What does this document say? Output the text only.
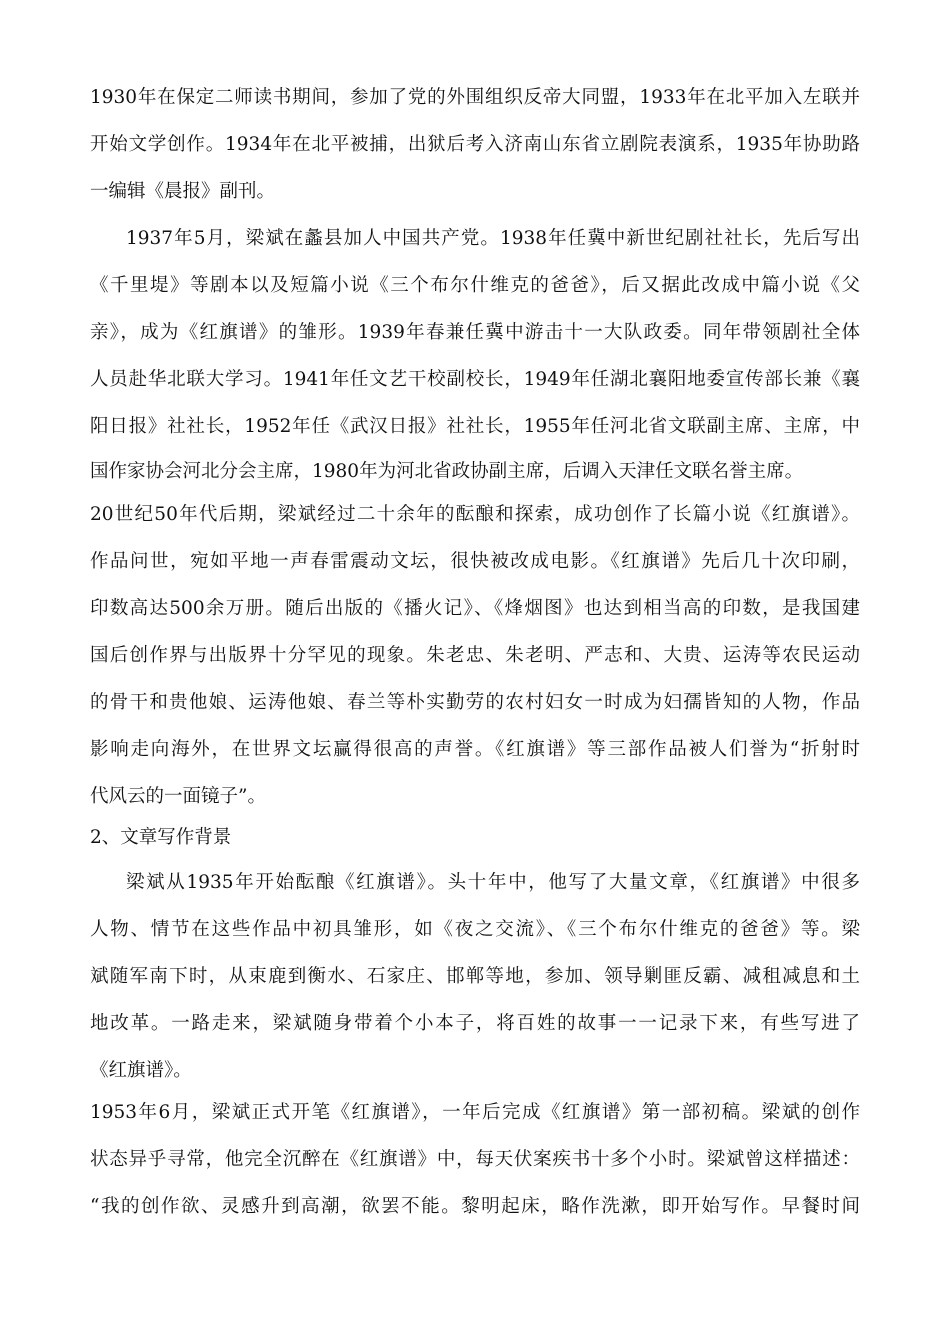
1930年在保定二师读书期间，参加了党的外围组织反帝大同盟，1933年在北平加入左联并
开始文学创作。1934年在北平被捕，出狱后考入济南山东省立剧院表演系，1935年协助路
一编辑《晨报》副刊。
1937年5月，梁斌在蠡县加人中国共产党。1938年任冀中新世纪剧社社长，先后写出
《千里堤》等剧本以及短篇小说《三个布尔什维克的爸爸》，后又据此改成中篇小说《父
亲》，成为《红旗谱》的雏形。1939年春兼任冀中游击十一大队政委。同年带领剧社全体
人员赴华北联大学习。1941年任文艺干校副校长，1949年任湖北襄阳地委宣传部长兼《襄
阳日报》社社长，1952年任《武汉日报》社社长，1955年任河北省文联副主席、主席，中
国作家协会河北分会主席，1980年为河北省政协副主席，后调入天津任文联名誉主席。
20世纪50年代后期，梁斌经过二十余年的酝酿和探索，成功创作了长篇小说《红旗谱》。
作品问世，宛如平地一声春雷震动文坛，很快被改成电影。《红旗谱》先后几十次印刷，
印数高达500余万册。随后出版的《播火记》、《烽烟图》也达到相当高的印数，是我国建
国后创作界与出版界十分罕见的现象。朱老忠、朱老明、严志和、大贵、运涛等农民运动
的骨干和贵他娘、运涛他娘、春兰等朴实勤劳的农村妇女一时成为妇孺皆知的人物，作品
影响走向海外，在世界文坛赢得很高的声誉。《红旗谱》等三部作品被人们誉为“折射时
代风云的一面镜子”。
2、文章写作背景
梁斌从1935年开始酝酿《红旗谱》。头十年中，他写了大量文章，《红旗谱》中很多
人物、情节在这些作品中初具雏形，如《夜之交流》、《三个布尔什维克的爸爸》等。梁
斌随军南下时，从束鹿到衡水、石家庄、邯郸等地，参加、领导剿匪反霸、减租减息和土
地改革。一路走来，梁斌随身带着个小本子，将百姓的故事一一记录下来，有些写进了
《红旗谱》。
1953年6月，梁斌正式开笔《红旗谱》，一年后完成《红旗谱》第一部初稿。梁斌的创作
状态异乎寻常，他完全沉醉在《红旗谱》中，每天伏案疾书十多个小时。梁斌曾这样描述：
“我的创作欲、灵感升到高潮，欲罢不能。黎明起床，略作洗漱，即开始写作。早餐时间
